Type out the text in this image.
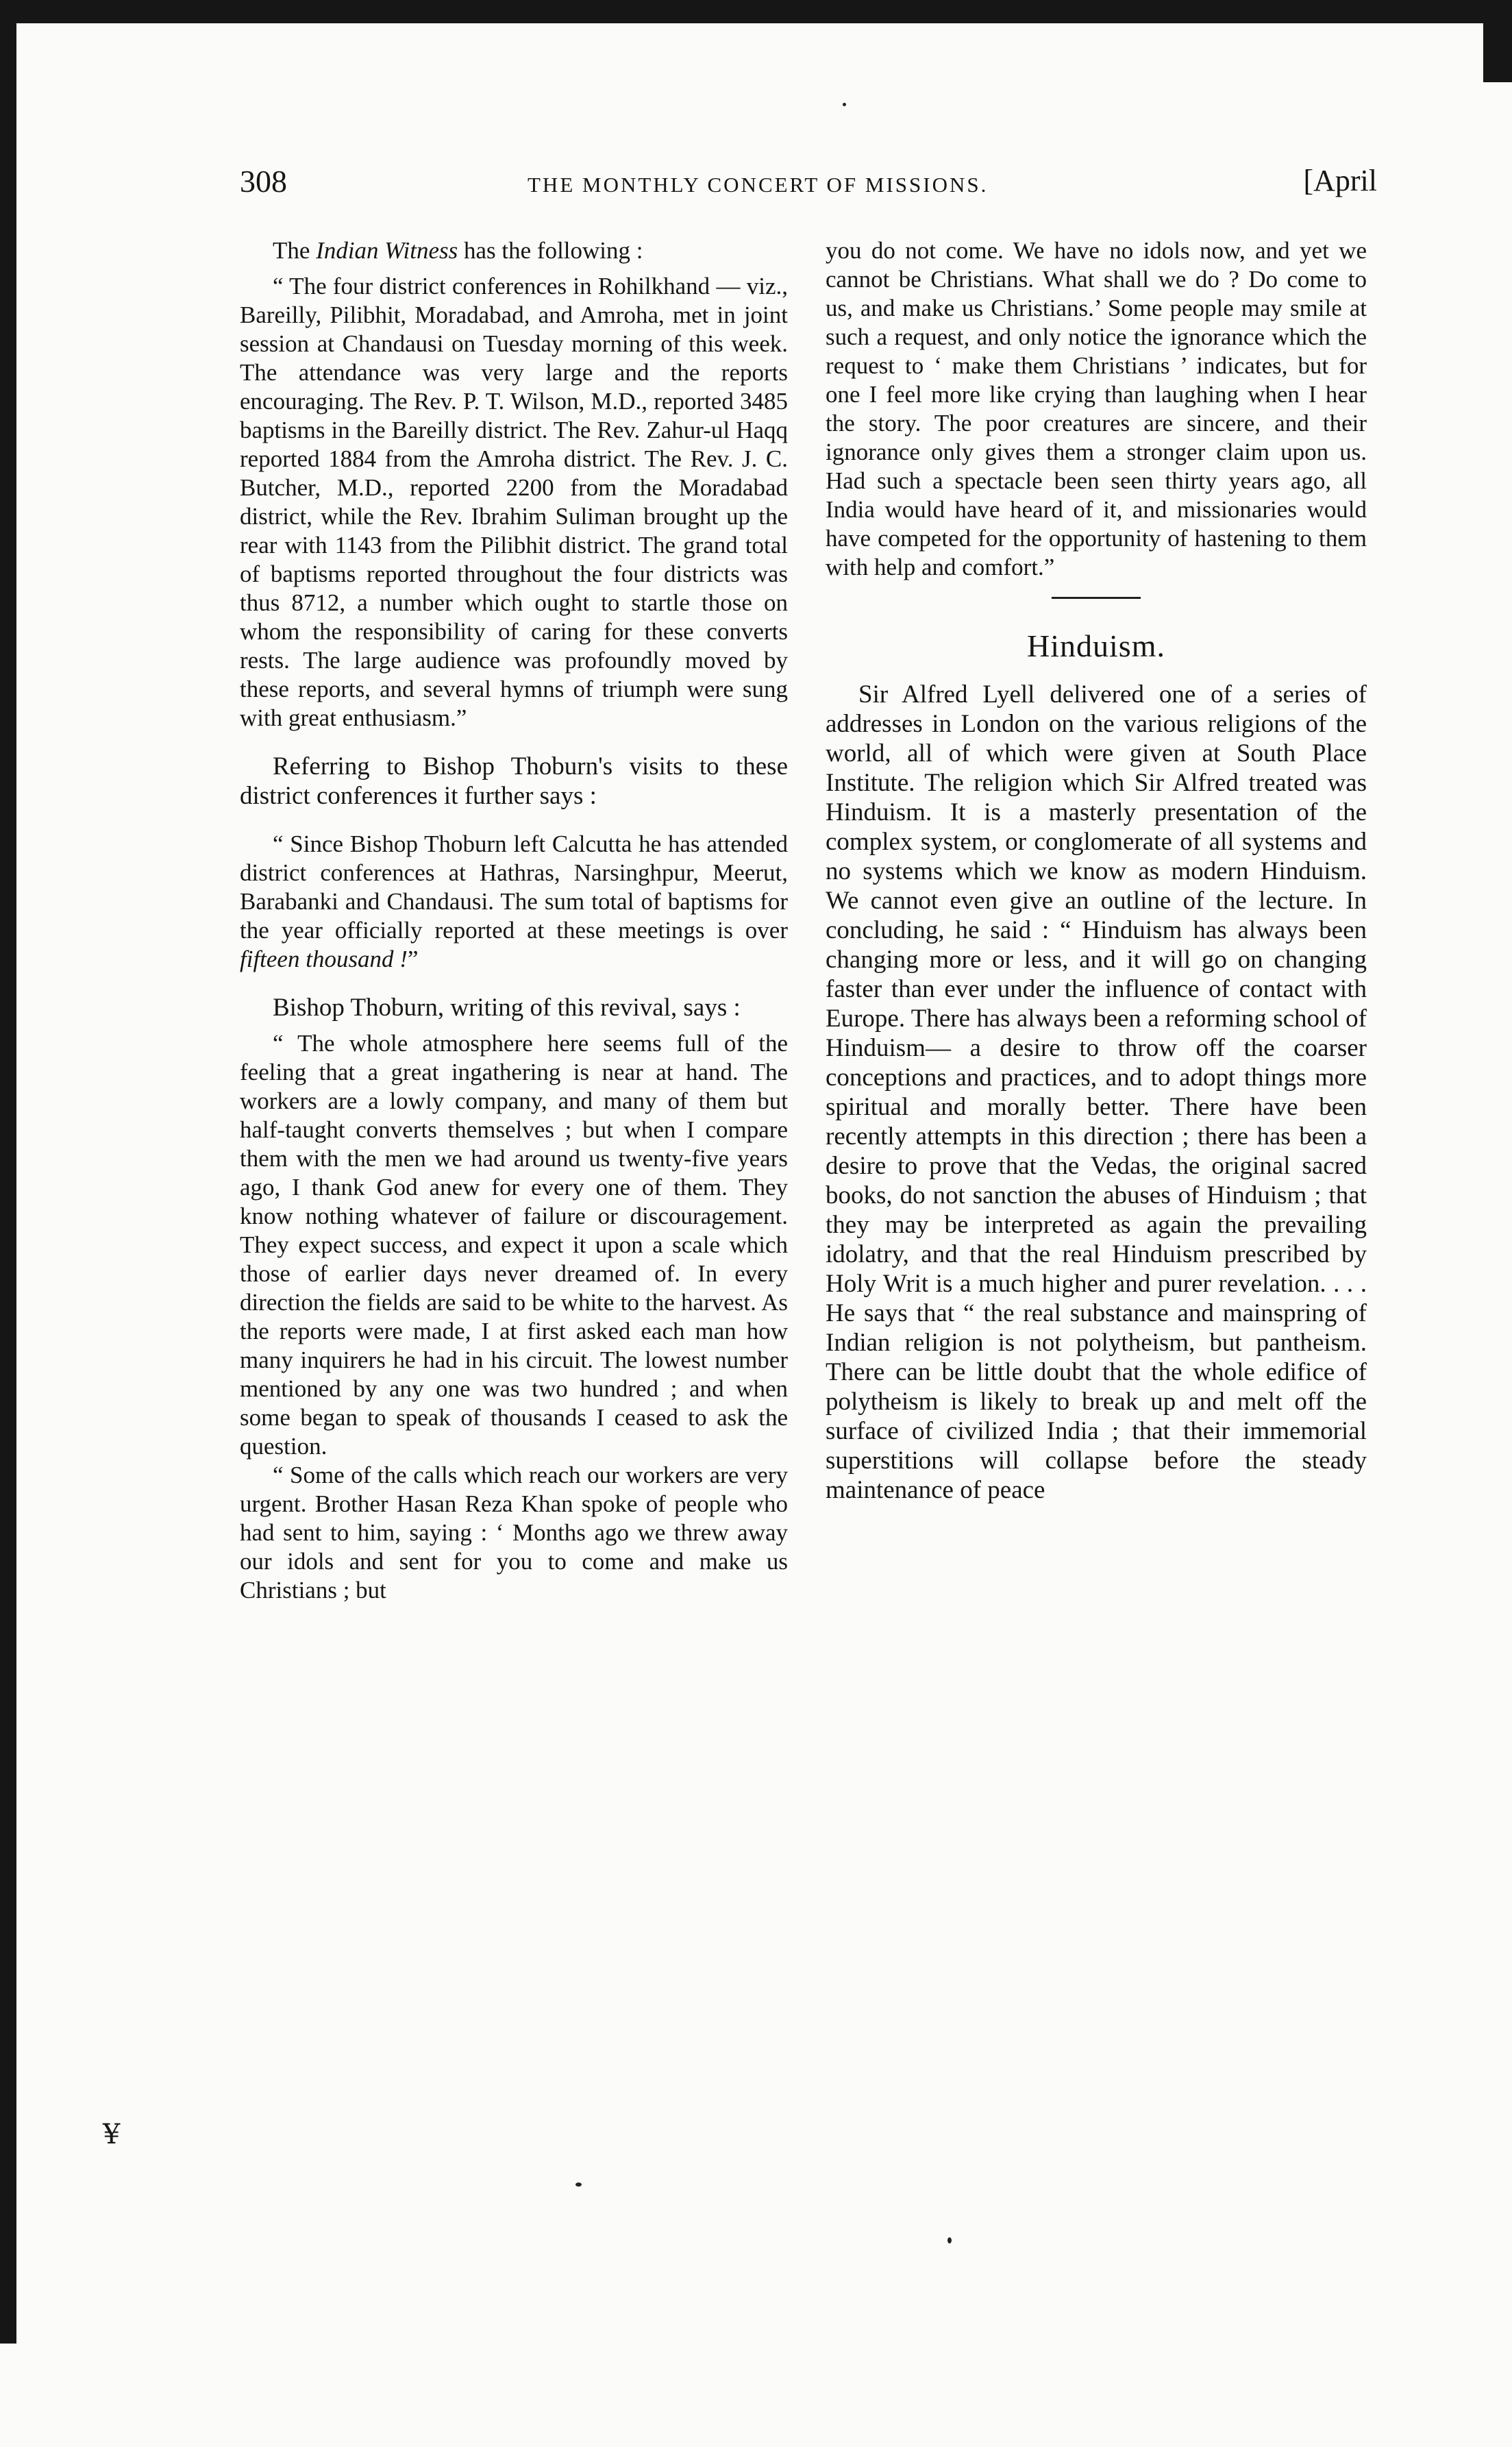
308	THE MONTHLY CONCERT OF MISSIONS.	[April

The Indian Witness has the following :

“ The four district conferences in Rohilkhand — viz., Bareilly, Pilibhit, Moradabad, and Amroha, met in joint session at Chandausi on Tuesday morning of this week. The attendance was very large and the reports encouraging. The Rev. P. T. Wilson, M.D., reported 3485 baptisms in the Bareilly district. The Rev. Zahur-ul Haqq reported 1884 from the Amroha district. The Rev. J. C. Butcher, M.D., reported 2200 from the Moradabad district, while the Rev. Ibrahim Suliman brought up the rear with 1143 from the Pilibhit district. The grand total of baptisms reported throughout the four districts was thus 8712, a number which ought to startle those on whom the responsibility of caring for these converts rests. The large audience was profoundly moved by these reports, and several hymns of triumph were sung with great enthusiasm.”

Referring to Bishop Thoburn's visits to these district conferences it further says :

“ Since Bishop Thoburn left Calcutta he has attended district conferences at Hathras, Narsinghpur, Meerut, Barabanki and Chandausi. The sum total of baptisms for the year officially reported at these meetings is over fifteen thousand !”

Bishop Thoburn, writing of this revival, says :

“ The whole atmosphere here seems full of the feeling that a great ingathering is near at hand. The workers are a lowly company, and many of them but half-taught converts themselves ; but when I compare them with the men we had around us twenty-five years ago, I thank God anew for every one of them. They know nothing whatever of failure or discouragement. They expect success, and expect it upon a scale which those of earlier days never dreamed of. In every direction the fields are said to be white to the harvest. As the reports were made, I at first asked each man how many inquirers he had in his circuit. The lowest number mentioned by any one was two hundred ; and when some began to speak of thousands I ceased to ask the question.

“ Some of the calls which reach our workers are very urgent. Brother Hasan Reza Khan spoke of people who had sent to him, saying : ‘ Months ago we threw away our idols and sent for you to come and make us Christians ; but

you do not come. We have no idols now, and yet we cannot be Christians. What shall we do ? Do come to us, and make us Christians.’ Some people may smile at such a request, and only notice the ignorance which the request to ‘ make them Christians ’ indicates, but for one I feel more like crying than laughing when I hear the story. The poor creatures are sincere, and their ignorance only gives them a stronger claim upon us. Had such a spectacle been seen thirty years ago, all India would have heard of it, and missionaries would have competed for the opportunity of hastening to them with help and comfort.”

Hinduism.

Sir Alfred Lyell delivered one of a series of addresses in London on the various religions of the world, all of which were given at South Place Institute. The religion which Sir Alfred treated was Hinduism. It is a masterly presentation of the complex system, or conglomerate of all systems and no systems which we know as modern Hinduism. We cannot even give an outline of the lecture. In concluding, he said : “ Hinduism has always been changing more or less, and it will go on changing faster than ever under the influence of contact with Europe. There has always been a reforming school of Hinduism— a desire to throw off the coarser conceptions and practices, and to adopt things more spiritual and morally better. There have been recently attempts in this direction ; there has been a desire to prove that the Vedas, the original sacred books, do not sanction the abuses of Hinduism ; that they may be interpreted as again the prevailing idolatry, and that the real Hinduism prescribed by Holy Writ is a much higher and purer revelation. . . . He says that “ the real substance and mainspring of Indian religion is not polytheism, but pantheism. There can be little doubt that the whole edifice of polytheism is likely to break up and melt off the surface of civilized India ; that their immemorial superstitions will collapse before the steady maintenance of peace

¥
